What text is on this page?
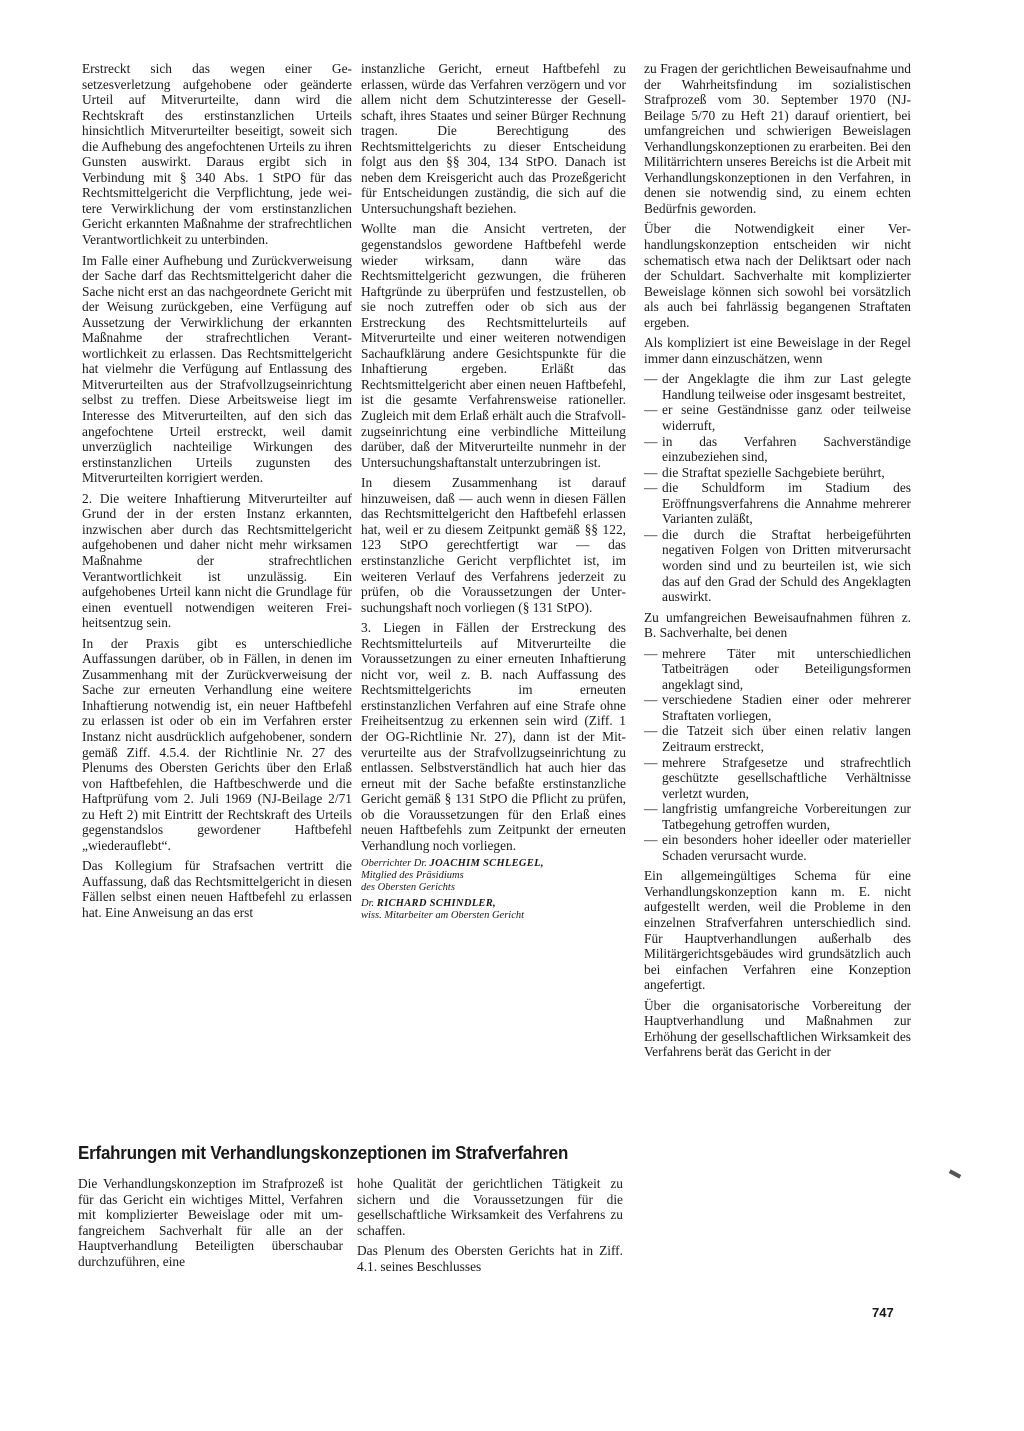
Erstreckt sich das wegen einer Gesetzesverletzung aufgehobene oder geänderte Urteil auf Mitverurteilte, dann wird die Rechtskraft des erstinstanzlichen Urteils hinsichtlich Mitverurteilter beseitigt, soweit sich die Aufhebung des angefochtenen Urteils zu ihren Gunsten auswirkt. Daraus ergibt sich in Verbindung mit § 340 Abs. 1 StPO für das Rechtsmittelgericht die Verpflichtung, jede weitere Verwirklichung der vom erstinstanzlichen Gericht erkannten Maßnahme der strafrechtlichen Verantwortlichkeit zu unterbinden.

Im Falle einer Aufhebung und Zurückverweisung der Sache darf das Rechtsmittelgericht daher die Sache nicht erst an das nachgeordnete Gericht mit der Weisung zurückgeben, eine Verfügung auf Aussetzung der Verwirklichung der erkannten Maßnahme der strafrechtlichen Verantwortlichkeit zu erlassen. Das Rechtsmittelgericht hat vielmehr die Verfügung auf Entlassung des Mitverurteilten aus der Strafvollzugseinrichtung selbst zu treffen. Diese Arbeitsweise liegt im Interesse des Mitverurteilten, auf den sich das angefochtene Urteil erstreckt, weil damit unverzüglich nachteilige Wirkungen des erstinstanzlichen Urteils zugunsten des Mitverurteilten korrigiert werden.

2. Die weitere Inhaftierung Mitverurteilter auf Grund der in der ersten Instanz erkannten, inzwischen aber durch das Rechtsmittelgericht aufgehobenen und daher nicht mehr wirksamen Maßnahme der strafrechtlichen Verantwortlichkeit ist unzulässig. Ein aufgehobenes Urteil kann nicht die Grundlage für einen eventuell notwendigen weiteren Freiheitsentzug sein.

In der Praxis gibt es unterschiedliche Auffassungen darüber, ob in Fällen, in denen im Zusammenhang mit der Zurückverweisung der Sache zur erneuten Verhandlung eine weitere Inhaftierung notwendig ist, ein neuer Haftbefehl zu erlassen ist oder ob ein im Verfahren erster Instanz nicht ausdrücklich aufgehobener, sondern gemäß Ziff. 4.5.4. der Richtlinie Nr. 27 des Plenums des Obersten Gerichts über den Erlaß von Haftbefehlen, die Haftbeschwerde und die Haftprüfung vom 2. Juli 1969 (NJ-Beilage 2/71 zu Heft 2) mit Eintritt der Rechtskraft des Urteils gegenstandslos gewordener Haftbefehl „wiederauflebt“.

Das Kollegium für Strafsachen vertritt die Auffassung, daß das Rechtsmittelgericht in diesen Fällen selbst einen neuen Haftbefehl zu erlassen hat. Eine Anweisung an das erst

instanzliche Gericht, erneut Haftbefehl zu erlassen, würde das Verfahren verzögern und vor allem nicht dem Schutzinteresse der Gesellschaft, ihres Staates und seiner Bürger Rechnung tragen. Die Berechtigung des Rechtsmittelgerichts zu dieser Entscheidung folgt aus den §§ 304, 134 StPO. Danach ist neben dem Kreisgericht auch das Prozeßgericht für Entscheidungen zuständig, die sich auf die Untersuchungshaft beziehen.

Wollte man die Ansicht vertreten, der gegenstandslos gewordene Haftbefehl werde wieder wirksam, dann wäre das Rechtsmittelgericht gezwungen, die früheren Haftgründe zu überprüfen und festzustellen, ob sie noch zutreffen oder ob sich aus der Erstreckung des Rechtsmittelurteils auf Mitverurteilte und einer weiteren notwendigen Sachaufklärung andere Gesichtspunkte für die Inhaftierung ergeben. Erläßt das Rechtsmittelgericht aber einen neuen Haftbefehl, ist die gesamte Verfahrensweise rationeller. Zugleich mit dem Erlaß erhält auch die Strafvollzugseinrichtung eine verbindliche Mitteilung darüber, daß der Mitverurteilte nunmehr in der Untersuchungshaftanstalt unterzubringen ist.

In diesem Zusammenhang ist darauf hinzuweisen, daß — auch wenn in diesen Fällen das Rechtsmittelgericht den Haftbefehl erlassen hat, weil er zu diesem Zeitpunkt gemäß §§ 122, 123 StPO gerechtfertigt war — das erstinstanzliche Gericht verpflichtet ist, im weiteren Verlauf des Verfahrens jederzeit zu prüfen, ob die Voraussetzungen der Untersuchungshaft noch vorliegen (§ 131 StPO).

3. Liegen in Fällen der Erstreckung des Rechtsmittelurteils auf Mitverurteilte die Voraussetzungen zu einer erneuten Inhaftierung nicht vor, weil z. B. nach Auffassung des Rechtsmittelgerichts im erneuten erstinstanzlichen Verfahren auf eine Strafe ohne Freiheitsentzug zu erkennen sein wird (Ziff. 1 der OG-Richtlinie Nr. 27), dann ist der Mitverurteilte aus der Strafvollzugseinrichtung zu entlassen. Selbstverständlich hat auch hier das erneut mit der Sache befaßte erstinstanzliche Gericht gemäß § 131 StPO die Pflicht zu prüfen, ob die Voraussetzungen für den Erlaß eines neuen Haftbefehls zum Zeitpunkt der erneuten Verhandlung noch vorliegen.

Oberrichter Dr. JOACHIM SCHLEGEL,
Mitglied des Präsidiums
des Obersten Gerichts
Dr. RICHARD SCHINDLER,
wiss. Mitarbeiter am Obersten Gericht

zu Fragen der gerichtlichen Beweisaufnahme und der Wahrheitsfindung im sozialistischen Strafprozeß vom 30. September 1970 (NJ-Beilage 5/70 zu Heft 21) darauf orientiert, bei umfangreichen und schwierigen Beweislagen Verhandlungskonzeptionen zu erarbeiten. Bei den Militärrichtern unseres Bereichs ist die Arbeit mit Verhandlungskonzeptionen in den Verfahren, in denen sie notwendig sind, zu einem echten Bedürfnis geworden.

Über die Notwendigkeit einer Verhandlungskonzeption entscheiden wir nicht schematisch etwa nach der Deliktsart oder nach der Schuldart. Sachverhalte mit komplizierter Beweislage können sich sowohl bei vorsätzlich als auch bei fahrlässig begangenen Straftaten ergeben.

Als kompliziert ist eine Beweislage in der Regel immer dann einzuschätzen, wenn

— der Angeklagte die ihm zur Last gelegte Handlung teilweise oder insgesamt bestreitet,
— er seine Geständnisse ganz oder teilweise widerruft,
— in das Verfahren Sachverständige einzubeziehen sind,
— die Straftat spezielle Sachgebiete berührt,
— die Schuldform im Stadium des Eröffnungsverfahrens die Annahme mehrerer Varianten zuläßt,
— die durch die Straftat herbeigeführten negativen Folgen von Dritten mitverursacht worden sind und zu beurteilen ist, wie sich das auf den Grad der Schuld des Angeklagten auswirkt.

Zu umfangreichen Beweisaufnahmen führen z. B. Sachverhalte, bei denen

— mehrere Täter mit unterschiedlichen Tatbeiträgen oder Beteiligungsformen angeklagt sind,
— verschiedene Stadien einer oder mehrerer Straftaten vorliegen,
— die Tatzeit sich über einen relativ langen Zeitraum erstreckt,
— mehrere Strafgesetze und strafrechtlich geschützte gesellschaftliche Verhältnisse verletzt wurden,
— langfristig umfangreiche Vorbereitungen zur Tatbegehung getroffen wurden,
— ein besonders hoher ideeller oder materieller Schaden verursacht wurde.

Ein allgemeingültiges Schema für eine Verhandlungskonzeption kann m. E. nicht aufgestellt werden, weil die Probleme in den einzelnen Strafverfahren unterschiedlich sind. Für Hauptverhandlungen außerhalb des Militärgerichtsgebäudes wird grundsätzlich auch bei einfachen Verfahren eine Konzeption angefertigt.

Über die organisatorische Vorbereitung der Hauptverhandlung und Maßnahmen zur Erhöhung der gesellschaftlichen Wirksamkeit des Verfahrens berät das Gericht in der

Erfahrungen mit Verhandlungskonzeptionen im Strafverfahren

Die Verhandlungskonzeption im Strafprozeß ist für das Gericht ein wichtiges Mittel, Verfahren mit komplizierter Beweislage oder mit umfangreichem Sachverhalt für alle an der Hauptverhandlung Beteiligten überschaubar durchzuführen, eine

hohe Qualität der gerichtlichen Tätigkeit zu sichern und die Voraussetzungen für die gesellschaftliche Wirksamkeit des Verfahrens zu schaffen.

Das Plenum des Obersten Gerichts hat in Ziff. 4.1. seines Beschlusses

747
